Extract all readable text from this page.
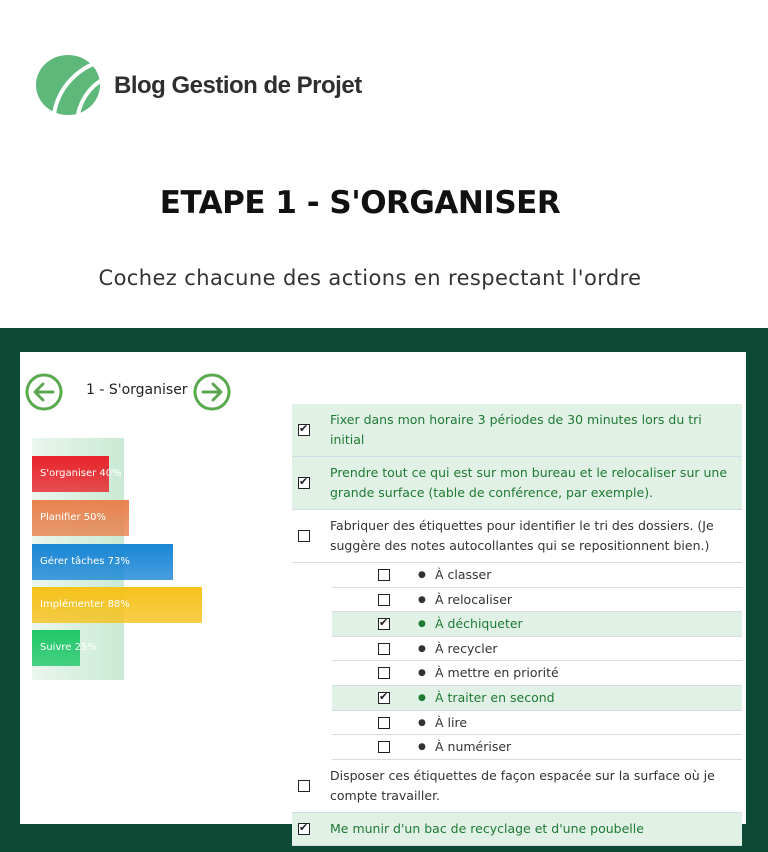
Blog Gestion de Projet
ETAPE 1 - S'ORGANISER
Cochez chacune des actions en respectant l'ordre
1 - S'organiser
S'organiser 40%
Planifier 50%
Gérer tâches 73%
Implémenter 88%
Suivre 25%
✔
Fixer dans mon horaire 3 périodes de 30 minutes lors du tri initial
✔
Prendre tout ce qui est sur mon bureau et le relocaliser sur une grande surface (table de conférence, par exemple).
Fabriquer des étiquettes pour identifier le tri des dossiers. (Je suggère des notes autocollantes qui se repositionnent bien.)
● À classer
● À relocaliser
✔
● À déchiqueter
● À recycler
● À mettre en priorité
✔
● À traiter en second
● À lire
● À numériser
Disposer ces étiquettes de façon espacée sur la surface où je compte travailler.
✔
Me munir d'un bac de recyclage et d'une poubelle
